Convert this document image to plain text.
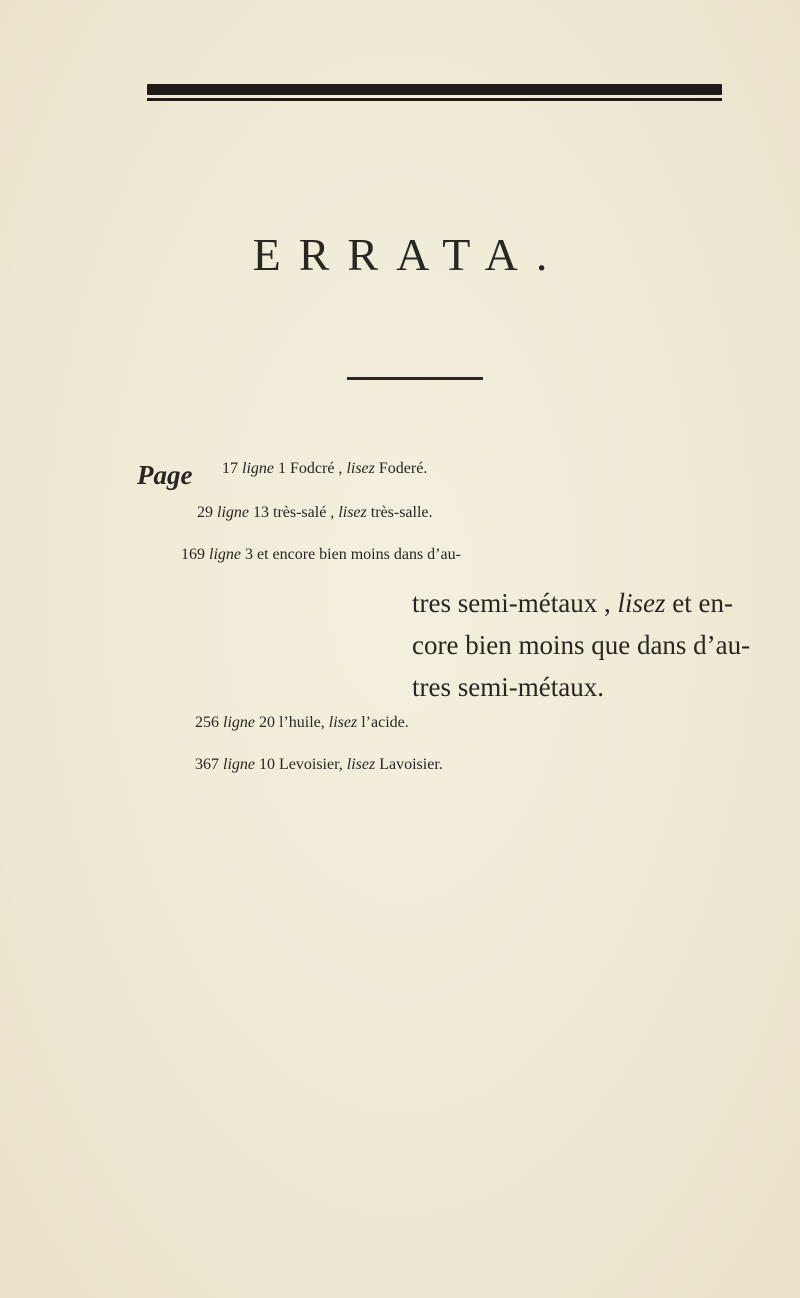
ERRATA.
Page 17 ligne 1 Fodcré , lisez Foderé.
29 ligne 13 très-salé , lisez très-salle.
169 ligne 3 et encore bien moins dans d’au-
tres semi-métaux , lisez et en-
core bien moins que dans d’au-
tres semi-métaux.
256 ligne 20 l’huile, lisez l’acide.
367 ligne 10 Levoisier, lisez Lavoisier.
